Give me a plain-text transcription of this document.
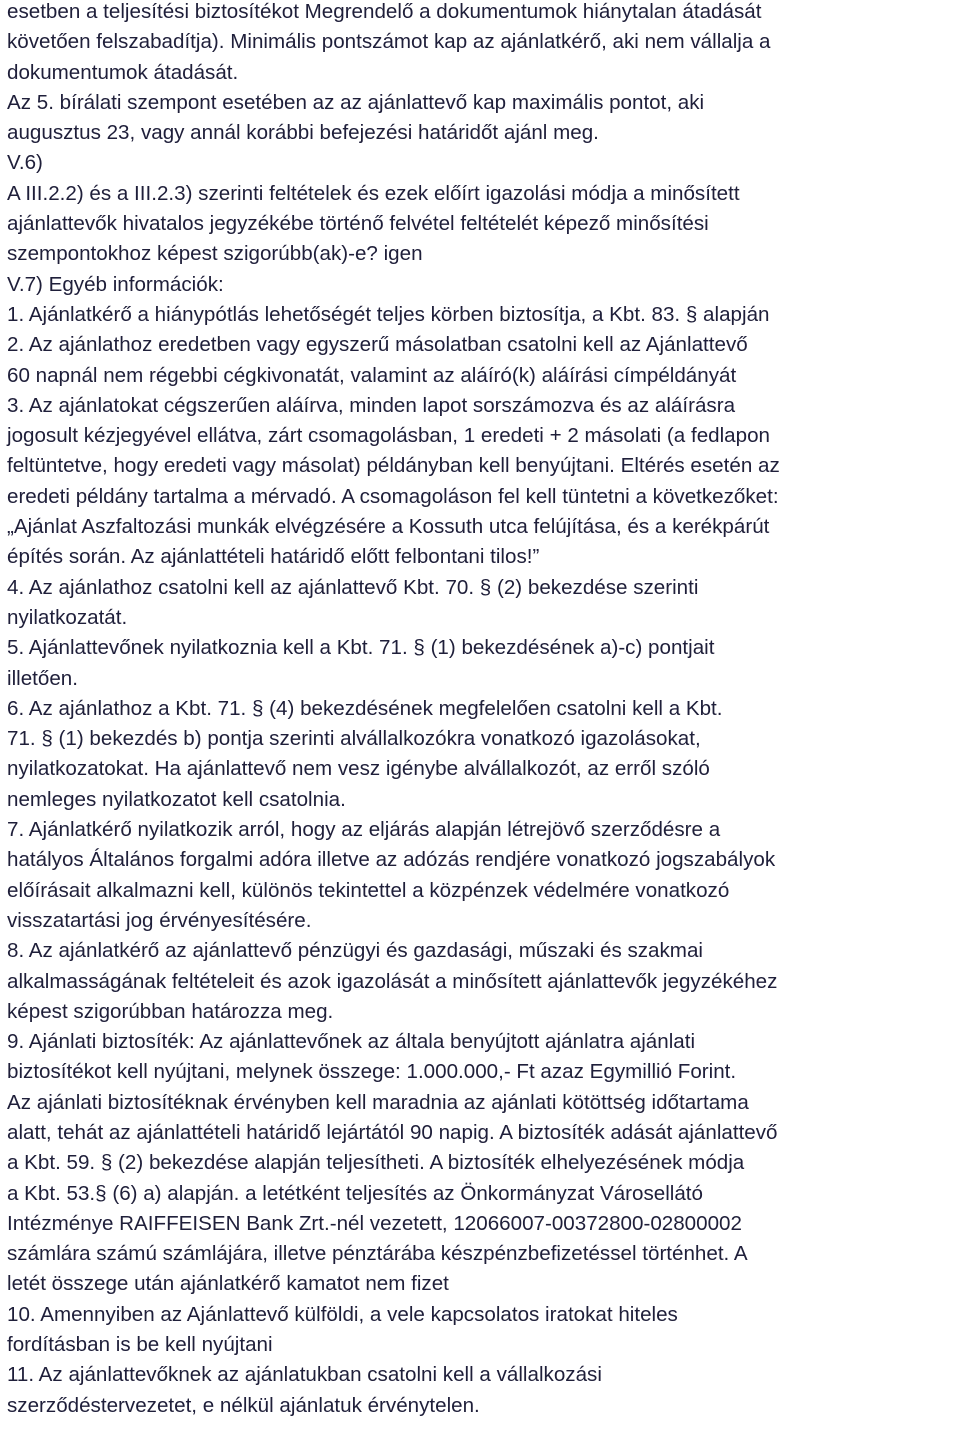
esetben a teljesítési biztosítékot Megrendelő a dokumentumok hiánytalan átadását
követően felszabadítja). Minimális pontszámot kap az ajánlatkérő, aki nem vállalja a
dokumentumok átadását.
Az 5. bírálati szempont esetében az az ajánlattevő kap maximális pontot, aki
augusztus 23, vagy annál korábbi befejezési határidőt ajánl meg.
V.6)
A III.2.2) és a III.2.3) szerinti feltételek és ezek előírt igazolási módja a minősített
ajánlattevők hivatalos jegyzékébe történő felvétel feltételét képező minősítési
szempontokhoz képest szigorúbb(ak)-e? igen
V.7) Egyéb információk:
1. Ajánlatkérő a hiánypótlás lehetőségét teljes körben biztosítja, a Kbt. 83. § alapján
2. Az ajánlathoz eredetben vagy egyszerű másolatban csatolni kell az Ajánlattevő
60 napnál nem régebbi cégkivonatát, valamint az aláíró(k) aláírási címpéldányát
3. Az ajánlatokat cégszerűen aláírva, minden lapot sorszámozva és az aláírásra
jogosult kézjegyével ellátva, zárt csomagolásban, 1 eredeti + 2 másolati (a fedlapon
feltüntetve, hogy eredeti vagy másolat) példányban kell benyújtani. Eltérés esetén az
eredeti példány tartalma a mérvadó. A csomagoláson fel kell tüntetni a következőket:
„Ajánlat Aszfaltozási munkák elvégzésére a Kossuth utca felújítása, és a kerékpárút
építés során. Az ajánlattételi határidő előtt felbontani tilos!”
4. Az ajánlathoz csatolni kell az ajánlattevő Kbt. 70. § (2) bekezdése szerinti
nyilatkozatát.
5. Ajánlattevőnek nyilatkoznia kell a Kbt. 71. § (1) bekezdésének a)-c) pontjait
illetően.
6. Az ajánlathoz a Kbt. 71. § (4) bekezdésének megfelelően csatolni kell a Kbt.
71. § (1) bekezdés b) pontja szerinti alvállalkozókra vonatkozó igazolásokat,
nyilatkozatokat. Ha ajánlattevő nem vesz igénybe alvállalkozót, az erről szóló
nemleges nyilatkozatot kell csatolnia.
7. Ajánlatkérő nyilatkozik arról, hogy az eljárás alapján létrejövő szerződésre a
hatályos Általános forgalmi adóra illetve az adózás rendjére vonatkozó jogszabályok
előírásait alkalmazni kell, különös tekintettel a közpénzek védelmére vonatkozó
visszatartási jog érvényesítésére.
8. Az ajánlatkérő az ajánlattevő pénzügyi és gazdasági, műszaki és szakmai
alkalmasságának feltételeit és azok igazolását a minősített ajánlattevők jegyzékéhez
képest szigorúbban határozza meg.
9. Ajánlati biztosíték: Az ajánlattevőnek az általa benyújtott ajánlatra ajánlati
biztosítékot kell nyújtani, melynek összege: 1.000.000,- Ft azaz Egymillió Forint.
Az ajánlati biztosítéknak érvényben kell maradnia az ajánlati kötöttség időtartama
alatt, tehát az ajánlattételi határidő lejártától 90 napig. A biztosíték adását ajánlattevő
a Kbt. 59. § (2) bekezdése alapján teljesítheti. A biztosíték elhelyezésének módja
a Kbt. 53.§ (6) a) alapján. a letétként teljesítés az Önkormányzat Városellátó
Intézménye RAIFFEISEN Bank Zrt.-nél vezetett, 12066007-00372800-02800002
számlára számú számlájára, illetve pénztárába készpénzbefizetéssel történhet. A
letét összege után ajánlatkérő kamatot nem fizet
10. Amennyiben az Ajánlattevő külföldi, a vele kapcsolatos iratokat hiteles
fordításban is be kell nyújtani
11. Az ajánlattevőknek az ajánlatukban csatolni kell a vállalkozási
szerződéstervezetet, e nélkül ajánlatuk érvénytelen.
